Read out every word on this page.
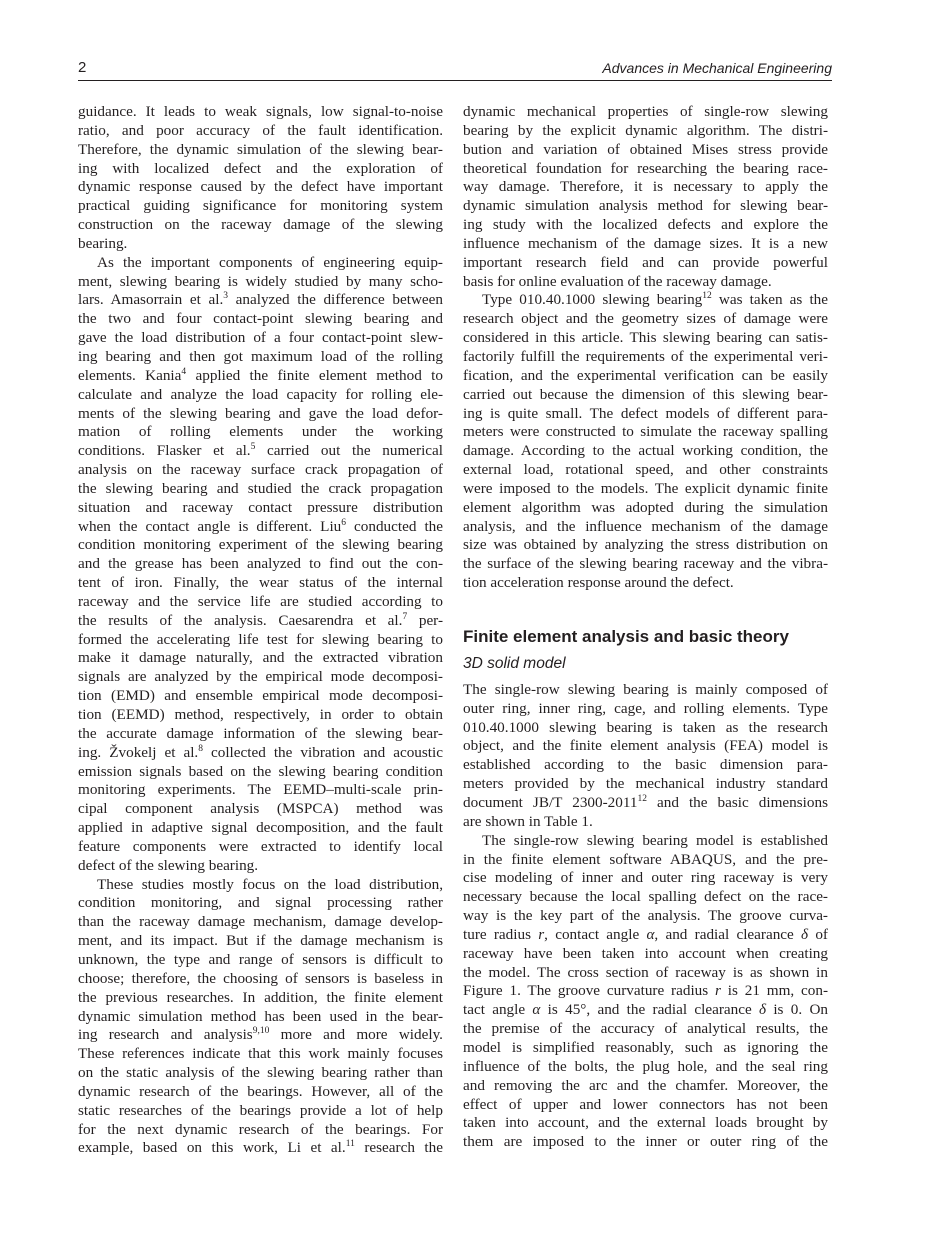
2	Advances in Mechanical Engineering
guidance. It leads to weak signals, low signal-to-noise
ratio, and poor accuracy of the fault identification.
Therefore, the dynamic simulation of the slewing bear-
ing with localized defect and the exploration of
dynamic response caused by the defect have important
practical guiding significance for monitoring system
construction on the raceway damage of the slewing
bearing.
As the important components of engineering equip-
ment, slewing bearing is widely studied by many scho-
lars. Amasorrain et al.$^3$ analyzed the difference between
the two and four contact-point slewing bearing and
gave the load distribution of a four contact-point slew-
ing bearing and then got maximum load of the rolling
elements. Kania$^4$ applied the finite element method to
calculate and analyze the load capacity for rolling ele-
ments of the slewing bearing and gave the load defor-
mation of rolling elements under the working
conditions. Flasker et al.$^5$ carried out the numerical
analysis on the raceway surface crack propagation of
the slewing bearing and studied the crack propagation
situation and raceway contact pressure distribution
when the contact angle is different. Liu$^6$ conducted the
condition monitoring experiment of the slewing bearing
and the grease has been analyzed to find out the con-
tent of iron. Finally, the wear status of the internal
raceway and the service life are studied according to
the results of the analysis. Caesarendra et al.$^7$ per-
formed the accelerating life test for slewing bearing to
make it damage naturally, and the extracted vibration
signals are analyzed by the empirical mode decomposi-
tion (EMD) and ensemble empirical mode decomposi-
tion (EEMD) method, respectively, in order to obtain
the accurate damage information of the slewing bear-
ing. Žvokelj et al.$^8$ collected the vibration and acoustic
emission signals based on the slewing bearing condition
monitoring experiments. The EEMD–multi-scale prin-
cipal component analysis (MSPCA) method was
applied in adaptive signal decomposition, and the fault
feature components were extracted to identify local
defect of the slewing bearing.
These studies mostly focus on the load distribution,
condition monitoring, and signal processing rather
than the raceway damage mechanism, damage develop-
ment, and its impact. But if the damage mechanism is
unknown, the type and range of sensors is difficult to
choose; therefore, the choosing of sensors is baseless in
the previous researches. In addition, the finite element
dynamic simulation method has been used in the bear-
ing research and analysis$^{9,10}$ more and more widely.
These references indicate that this work mainly focuses
on the static analysis of the slewing bearing rather than
dynamic research of the bearings. However, all of the
static researches of the bearings provide a lot of help
for the next dynamic research of the bearings. For
example, based on this work, Li et al.$^{11}$ research the
dynamic mechanical properties of single-row slewing
bearing by the explicit dynamic algorithm. The distri-
bution and variation of obtained Mises stress provide
theoretical foundation for researching the bearing race-
way damage. Therefore, it is necessary to apply the
dynamic simulation analysis method for slewing bear-
ing study with the localized defects and explore the
influence mechanism of the damage sizes. It is a new
important research field and can provide powerful
basis for online evaluation of the raceway damage.
Type 010.40.1000 slewing bearing$^{12}$ was taken as the
research object and the geometry sizes of damage were
considered in this article. This slewing bearing can satis-
factorily fulfill the requirements of the experimental veri-
fication, and the experimental verification can be easily
carried out because the dimension of this slewing bear-
ing is quite small. The defect models of different para-
meters were constructed to simulate the raceway spalling
damage. According to the actual working condition, the
external load, rotational speed, and other constraints
were imposed to the models. The explicit dynamic finite
element algorithm was adopted during the simulation
analysis, and the influence mechanism of the damage
size was obtained by analyzing the stress distribution on
the surface of the slewing bearing raceway and the vibra-
tion acceleration response around the defect.
Finite element analysis and basic theory
3D solid model
The single-row slewing bearing is mainly composed of
outer ring, inner ring, cage, and rolling elements. Type
010.40.1000 slewing bearing is taken as the research
object, and the finite element analysis (FEA) model is
established according to the basic dimension para-
meters provided by the mechanical industry standard
document JB/T 2300-2011$^{12}$ and the basic dimensions
are shown in Table 1.
The single-row slewing bearing model is established
in the finite element software ABAQUS, and the pre-
cise modeling of inner and outer ring raceway is very
necessary because the local spalling defect on the race-
way is the key part of the analysis. The groove curva-
ture radius r, contact angle α, and radial clearance δ of
raceway have been taken into account when creating
the model. The cross section of raceway is as shown in
Figure 1. The groove curvature radius r is 21 mm, con-
tact angle α is 45°, and the radial clearance δ is 0. On
the premise of the accuracy of analytical results, the
model is simplified reasonably, such as ignoring the
influence of the bolts, the plug hole, and the seal ring
and removing the arc and the chamfer. Moreover, the
effect of upper and lower connectors has not been
taken into account, and the external loads brought by
them are imposed to the inner or outer ring of the
